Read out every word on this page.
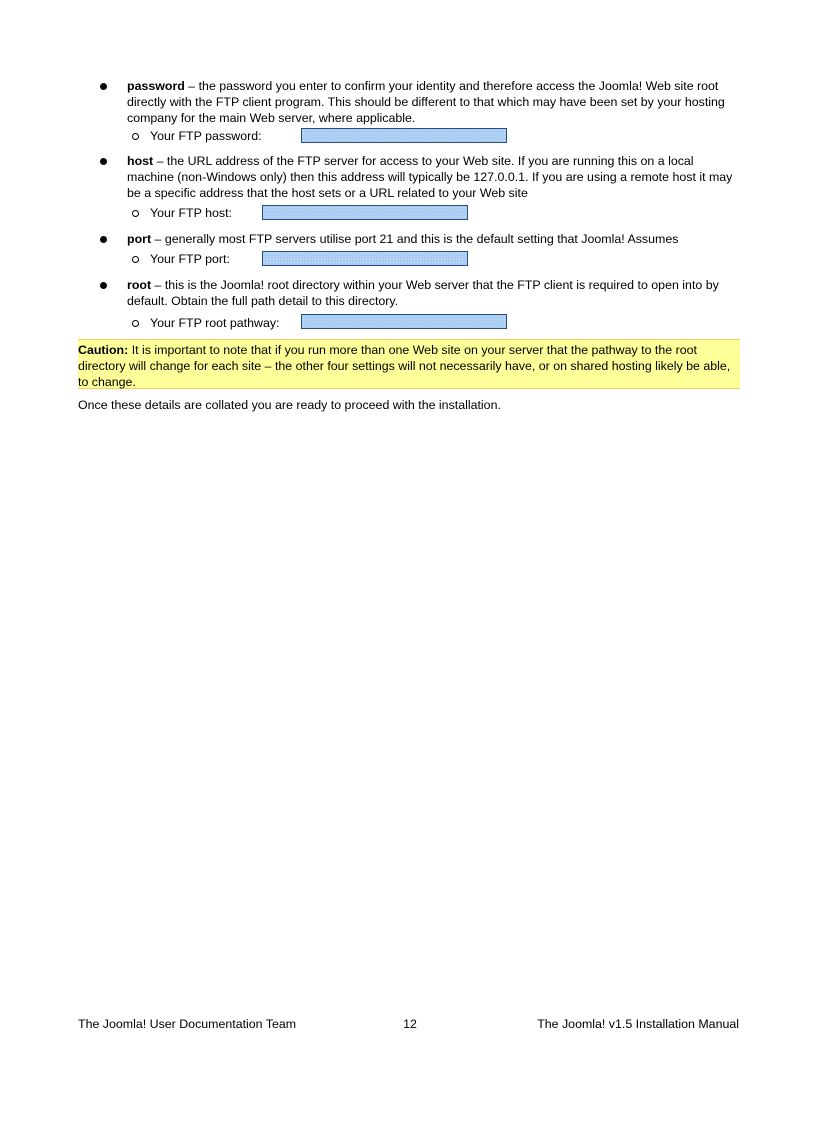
password – the password you enter to confirm your identity and therefore access the Joomla! Web site root directly with the FTP client program. This should be different to that which may have been set by your hosting company for the main Web server, where applicable.
Your FTP password:
host – the URL address of the FTP server for access to your Web site. If you are running this on a local machine (non-Windows only) then this address will typically be 127.0.0.1. If you are using a remote host it may be a specific address that the host sets or a URL related to your Web site
Your FTP host:
port – generally most FTP servers utilise port 21 and this is the default setting that Joomla! Assumes
Your FTP port:
root – this is the Joomla! root directory within your Web server that the FTP client is required to open into by default. Obtain the full path detail to this directory.
Your FTP root pathway:
Caution: It is important to note that if you run more than one Web site on your server that the pathway to the root directory will change for each site – the other four settings will not necessarily have, or on shared hosting likely be able, to change.
Once these details are collated you are ready to proceed with the installation.
The Joomla! User Documentation Team	12	The Joomla! v1.5 Installation Manual
